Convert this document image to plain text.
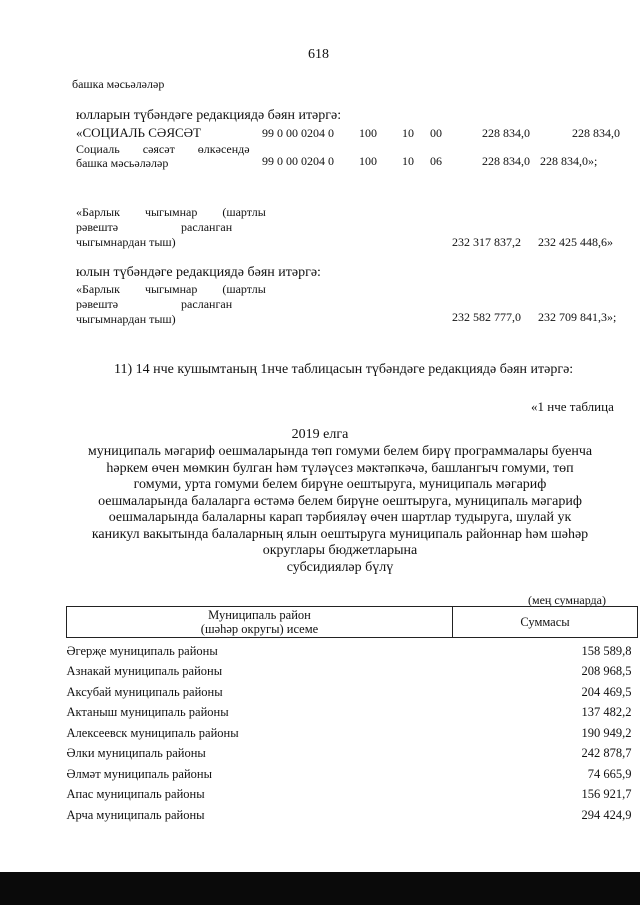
618
башка мәсьәләләр
юлларын түбәндәге редакциядә бәян итәргә:
«СОЦИАЛЬ СӘЯСӘТ	99 0 00 0204 0 100 10 00	228 834,0	228 834,0
Социаль сәясәт өлкәсендә
башка мәсьәләләр	99 0 00 0204 0 100 10 06	228 834,0 228 834,0»;
«Барлык чыгымнар (шартлы
рәвештә расланган
чыгымнардан тыш)	232 317 837,2 232 425 448,6»
юлын түбәндәге редакциядә бәян итәргә:
«Барлык чыгымнар (шартлы
рәвештә расланган
чыгымнардан тыш)	232 582 777,0 232 709 841,3»;
11) 14 нче кушымтаның 1нче таблицасын түбәндәге редакциядә бәян итәргә:
«1 нче таблица
2019 елга
муниципаль мәгариф оешмаларында төп гомуми белем бирү программалары буенча
һәркем өчен мөмкин булган һәм түләүсез мәктәпкәчә, башлангыч гомуми, төп
гомуми, урта гомуми белем бирүне оештыруга, муниципаль мәгариф
оешмаларында балаларга өстәмә белем бирүне оештыруга, муниципаль мәгариф
оешмаларында балаларны карап тәрбияләү өчен шартлар тудыруга, шулай ук
каникул вакытында балаларның ялын оештыруга муниципаль районнар һәм шәһәр
округлары бюджетларына
субсидияләр бүлү
(мең сумнарда)
Муниципаль район
(шәһәр округы) исеме	Суммасы
Әгерҗе муниципаль районы	158 589,8
Азнакай муниципаль районы	208 968,5
Аксубай муниципаль районы	204 469,5
Актаныш муниципаль районы	137 482,2
Алексеевск муниципаль районы	190 949,2
Әлки муниципаль районы	242 878,7
Әлмәт муниципаль районы	74 665,9
Апас муниципаль районы	156 921,7
Арча муниципаль районы	294 424,9
